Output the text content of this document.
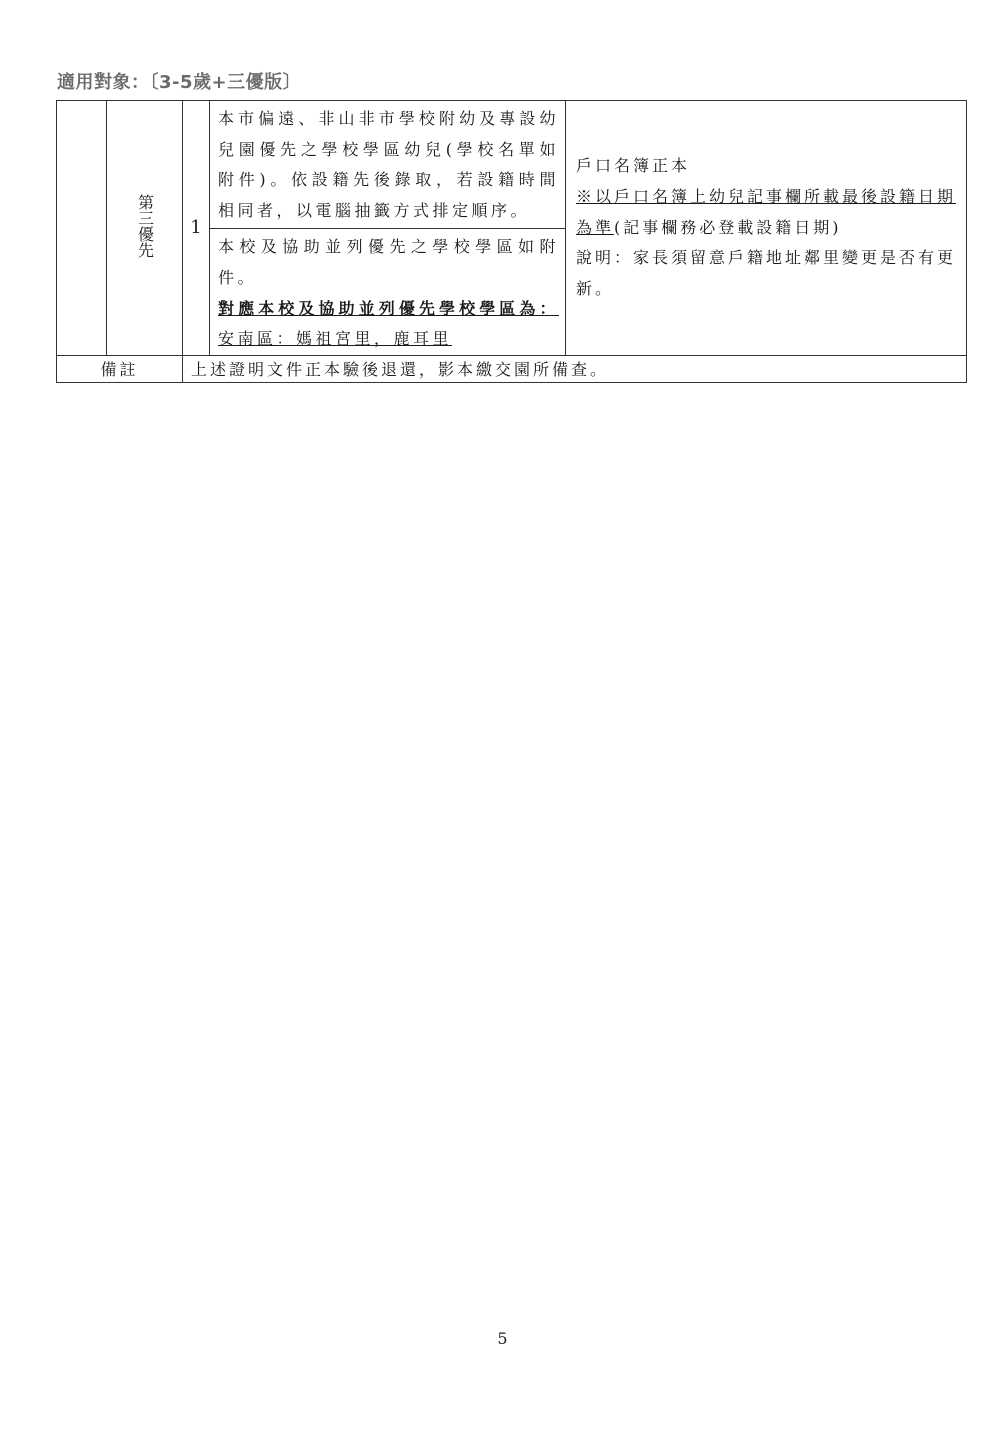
適用對象：〔3-5歲+三優版〕
	第三優先	1	本市偏遠、非山非市學校附幼及專設幼兒園優先之學校學區幼兒(學校名單如附件)。依設籍先後錄取，若設籍時間相同者，以電腦抽籤方式排定順序。	戶口名簿正本
※以戶口名簿上幼兒記事欄所載最後設籍日期為準(記事欄務必登載設籍日期)
說明：家長須留意戶籍地址鄰里變更是否有更新。

			本校及協助並列優先之學校學區如附件。
對應本校及協助並列優先學校學區為：安南區：媽祖宮里，鹿耳里	

備註		上述證明文件正本驗後退還，影本繳交園所備查。		
5
